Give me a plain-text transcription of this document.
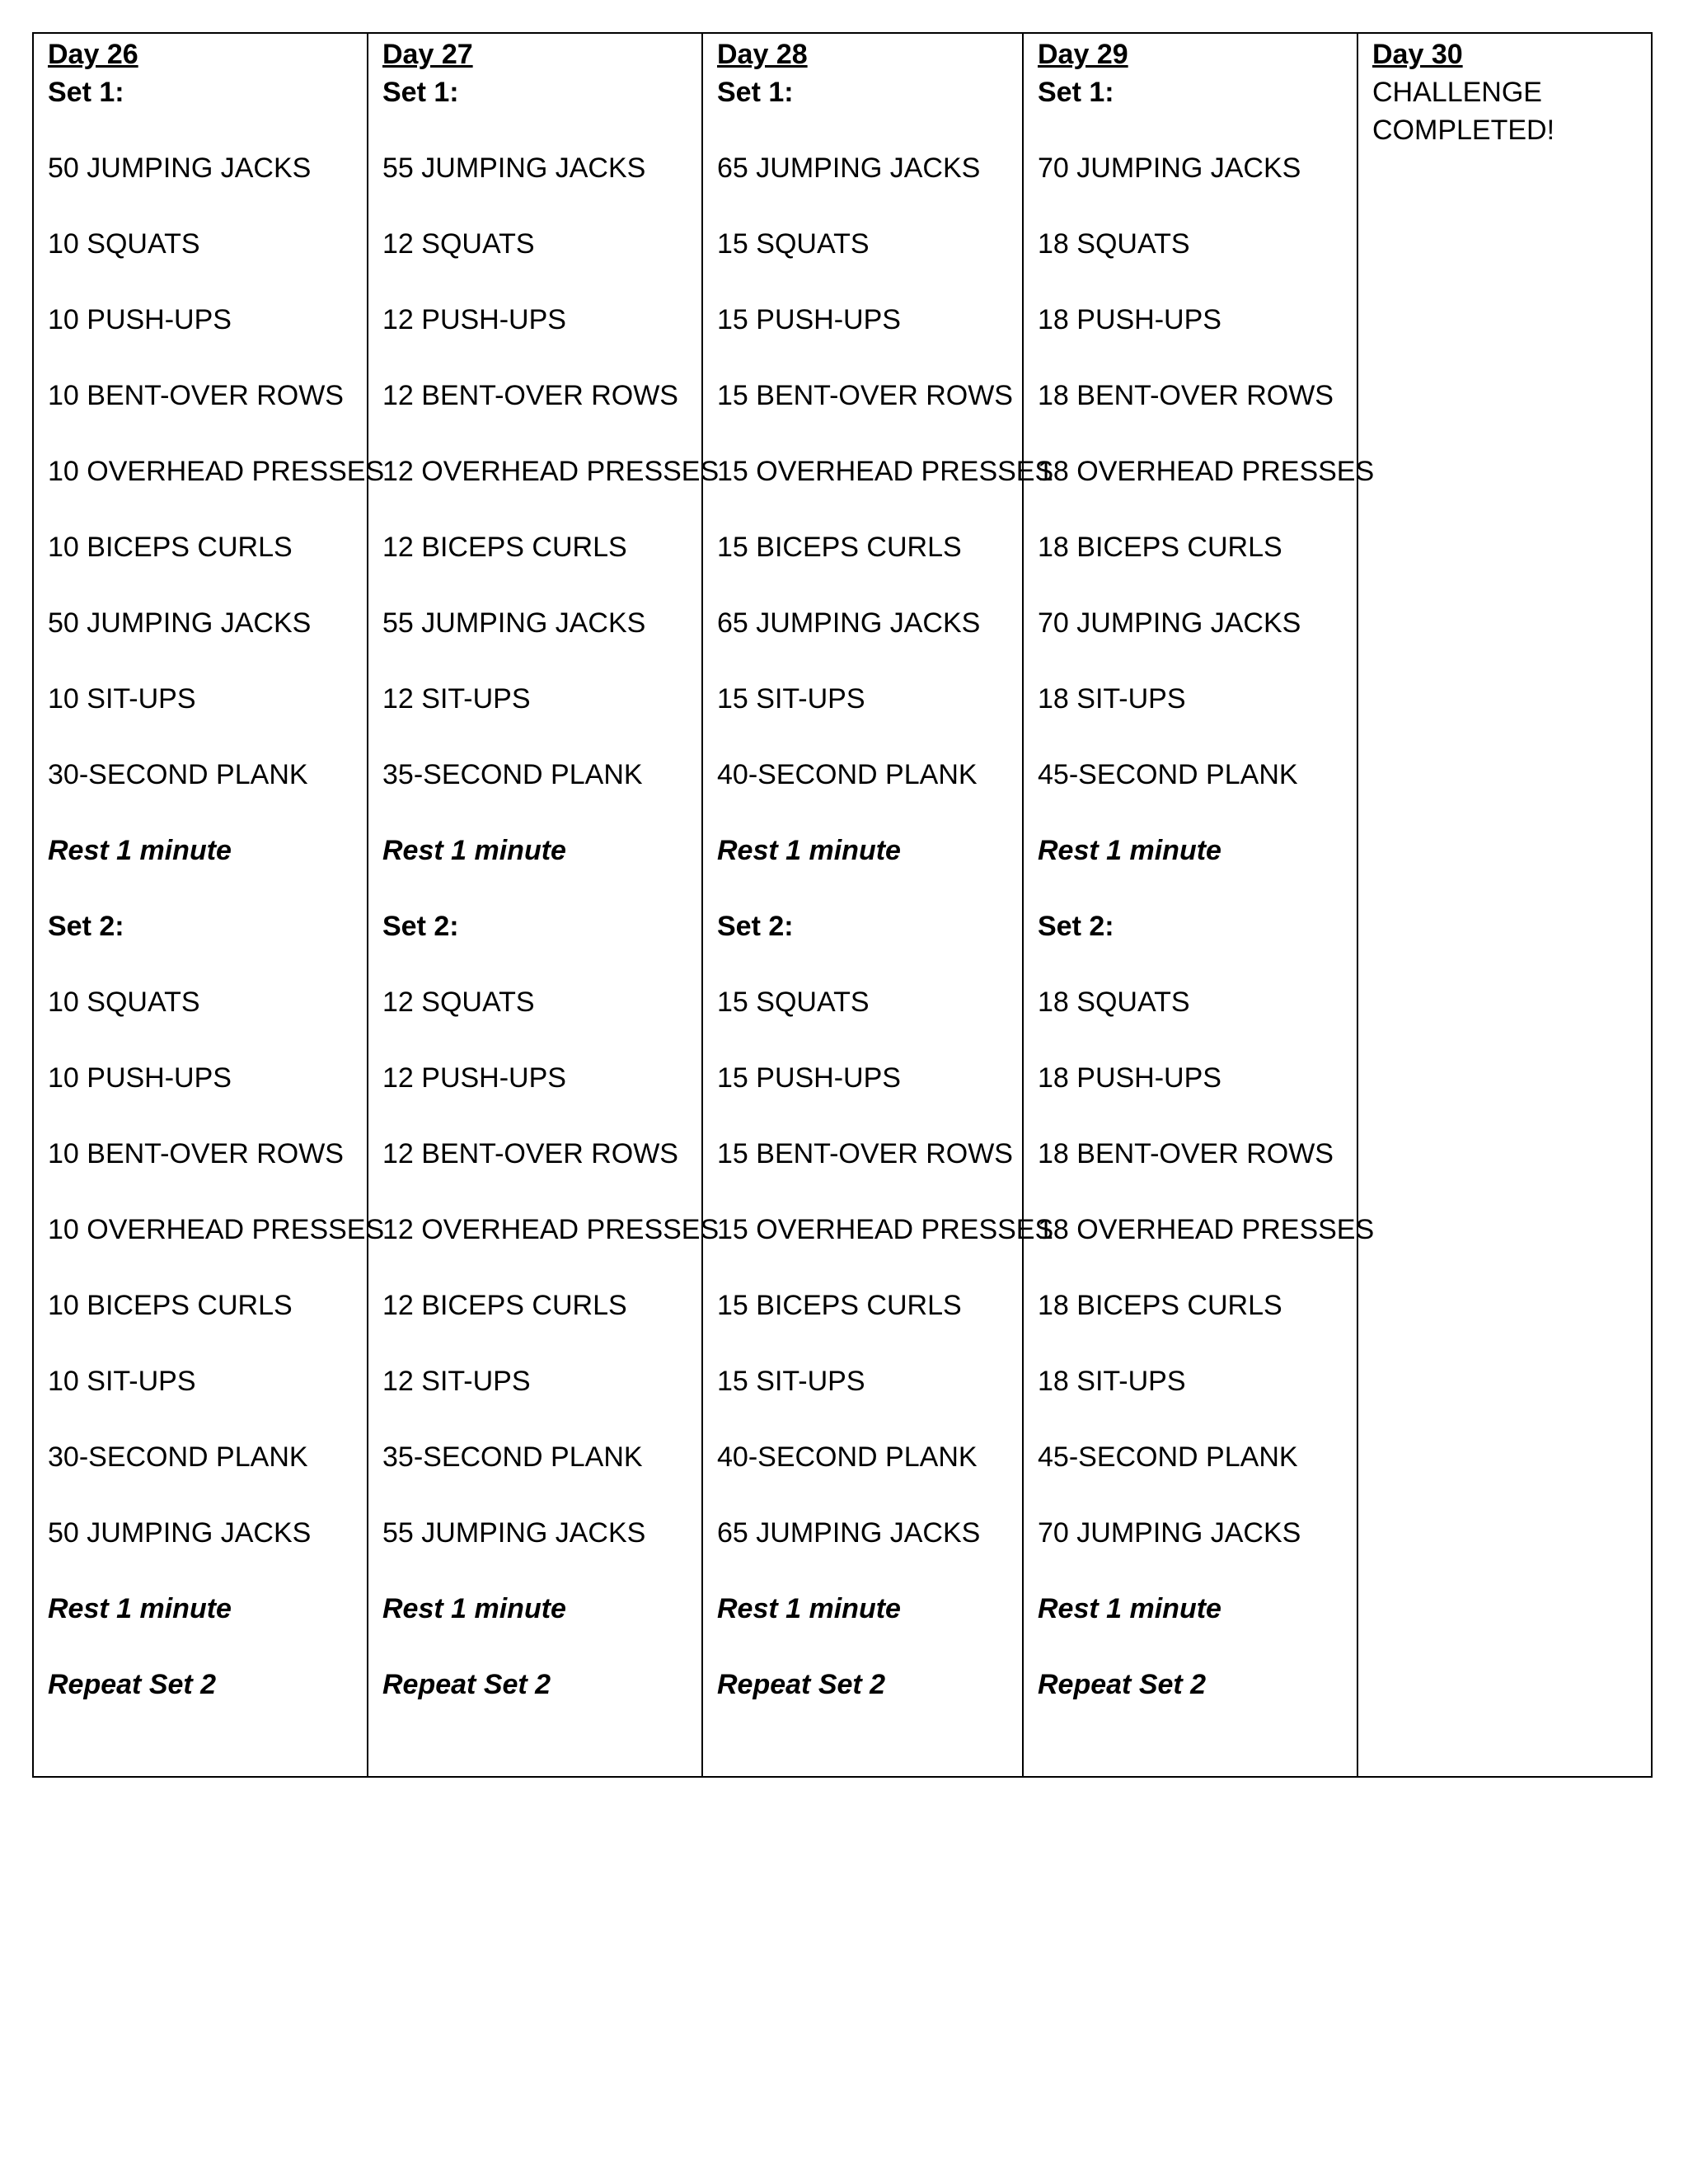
Day 26
Set 1:
50 JUMPING JACKS
10 SQUATS
10 PUSH-UPS
10 BENT-OVER ROWS
10 OVERHEAD PRESSES
10 BICEPS CURLS
50 JUMPING JACKS
10 SIT-UPS
30-SECOND PLANK
Rest 1 minute
Set 2:
10 SQUATS
10 PUSH-UPS
10 BENT-OVER ROWS
10 OVERHEAD PRESSES
10 BICEPS CURLS
10 SIT-UPS
30-SECOND PLANK
50 JUMPING JACKS
Rest 1 minute
Repeat Set 2

Day 27
Set 1:
55 JUMPING JACKS
12 SQUATS
12 PUSH-UPS
12 BENT-OVER ROWS
12 OVERHEAD PRESSES
12 BICEPS CURLS
55 JUMPING JACKS
12 SIT-UPS
35-SECOND PLANK
Rest 1 minute
Set 2:
12 SQUATS
12 PUSH-UPS
12 BENT-OVER ROWS
12 OVERHEAD PRESSES
12 BICEPS CURLS
12 SIT-UPS
35-SECOND PLANK
55 JUMPING JACKS
Rest 1 minute
Repeat Set 2

Day 28
Set 1:
65 JUMPING JACKS
15 SQUATS
15 PUSH-UPS
15 BENT-OVER ROWS
15 OVERHEAD PRESSES
15 BICEPS CURLS
65 JUMPING JACKS
15 SIT-UPS
40-SECOND PLANK
Rest 1 minute
Set 2:
15 SQUATS
15 PUSH-UPS
15 BENT-OVER ROWS
15 OVERHEAD PRESSES
15 BICEPS CURLS
15 SIT-UPS
40-SECOND PLANK
65 JUMPING JACKS
Rest 1 minute
Repeat Set 2

Day 29
Set 1:
70 JUMPING JACKS
18 SQUATS
18 PUSH-UPS
18 BENT-OVER ROWS
18 OVERHEAD PRESSES
18 BICEPS CURLS
70 JUMPING JACKS
18 SIT-UPS
45-SECOND PLANK
Rest 1 minute
Set 2:
18 SQUATS
18 PUSH-UPS
18 BENT-OVER ROWS
18 OVERHEAD PRESSES
18 BICEPS CURLS
18 SIT-UPS
45-SECOND PLANK
70 JUMPING JACKS
Rest 1 minute
Repeat Set 2

Day 30
CHALLENGE COMPLETED!
